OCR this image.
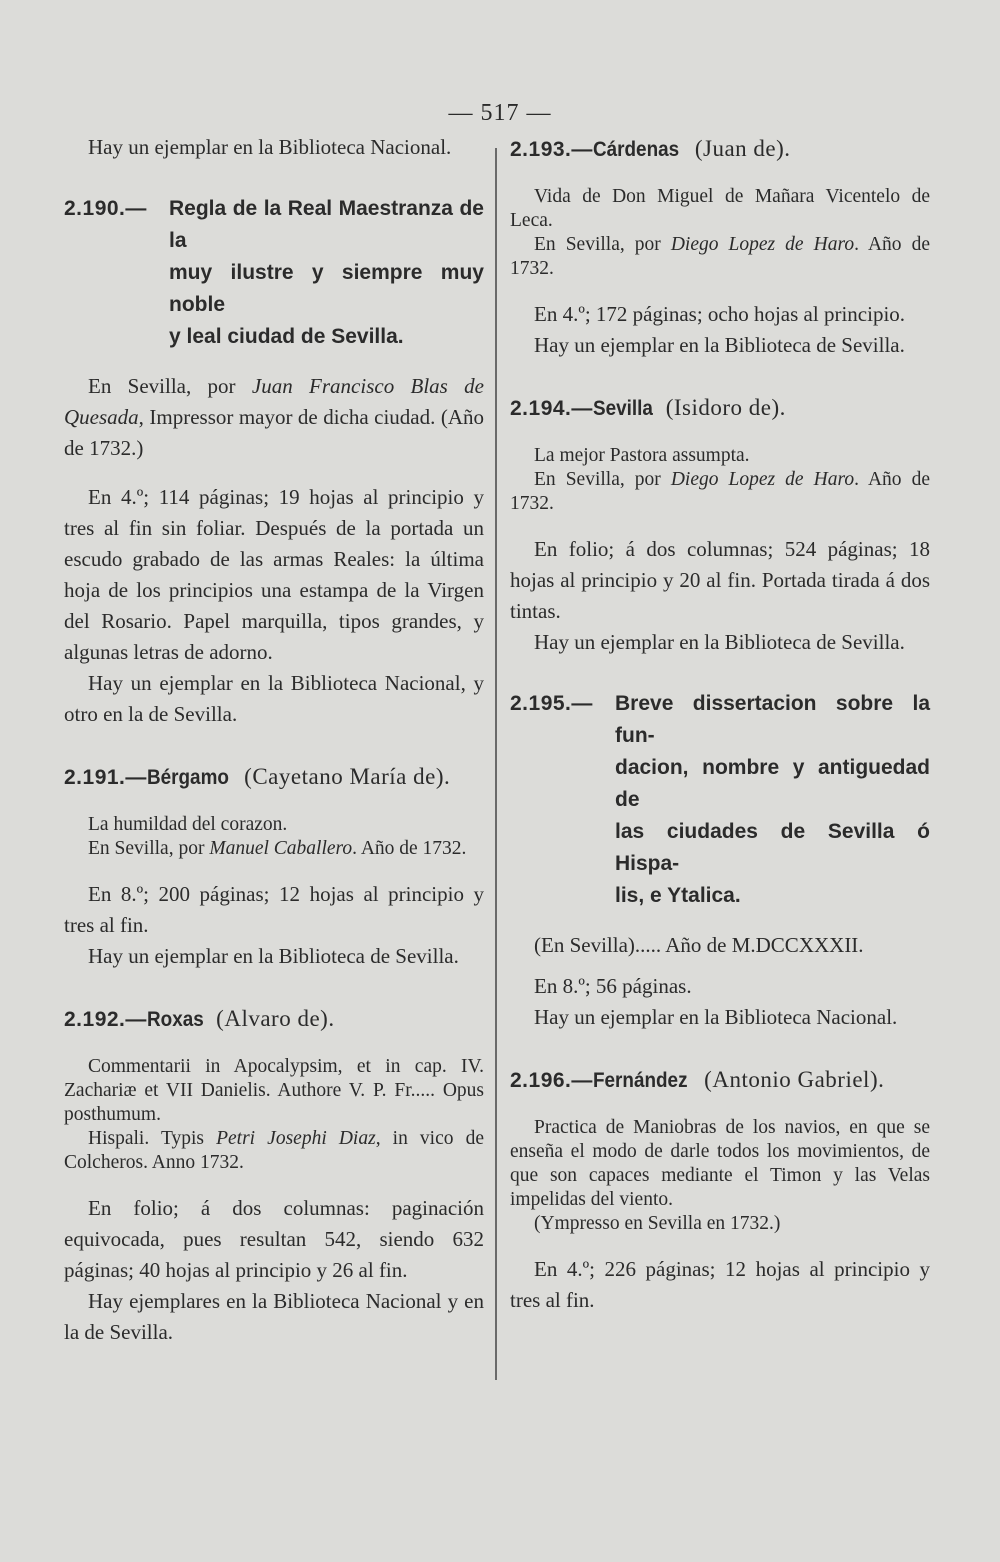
— 517 —

Hay un ejemplar en la Biblioteca Nacional.

2.190.—	Regla de la Real Maestranza de la
muy ilustre y siempre muy noble
y leal ciudad de Sevilla.

En Sevilla, por Juan Francisco Blas de Quesada, Impressor mayor de dicha ciudad. (Año de 1732.)

En 4.º; 114 páginas; 19 hojas al principio y tres al fin sin foliar. Después de la portada un escudo grabado de las armas Reales: la última hoja de los principios una estampa de la Virgen del Rosario. Papel marquilla, tipos grandes, y algunas letras de adorno.

Hay un ejemplar en la Biblioteca Nacional, y otro en la de Sevilla.

2.191.—Bérgamo (Cayetano María de).

La humildad del corazon.

En Sevilla, por Manuel Caballero. Año de 1732.

En 8.º; 200 páginas; 12 hojas al principio y tres al fin.

Hay un ejemplar en la Biblioteca de Sevilla.

2.192.—Roxas (Alvaro de).

Commentarii in Apocalypsim, et in cap. IV. Zachariæ et VII Danielis. Authore V. P. Fr..... Opus posthumum.

Hispali. Typis Petri Josephi Diaz, in vico de Colcheros. Anno 1732.

En folio; á dos columnas: paginación equivocada, pues resultan 542, siendo 632 páginas; 40 hojas al principio y 26 al fin.

Hay ejemplares en la Biblioteca Nacional y en la de Sevilla.

2.193.—Cárdenas (Juan de).

Vida de Don Miguel de Mañara Vicentelo de Leca.

En Sevilla, por Diego Lopez de Haro. Año de 1732.

En 4.º; 172 páginas; ocho hojas al principio.

Hay un ejemplar en la Biblioteca de Sevilla.

2.194.—Sevilla (Isidoro de).

La mejor Pastora assumpta.

En Sevilla, por Diego Lopez de Haro. Año de 1732.

En folio; á dos columnas; 524 páginas; 18 hojas al principio y 20 al fin. Portada tirada á dos tintas.

Hay un ejemplar en la Biblioteca de Sevilla.

2.195.—	Breve dissertacion sobre la fun-
dacion, nombre y antiguedad de
las ciudades de Sevilla ó Hispa-
lis, e Ytalica.

(En Sevilla)..... Año de M.DCCXXXII.

En 8.º; 56 páginas.

Hay un ejemplar en la Biblioteca Nacional.

2.196.—Fernández (Antonio Gabriel).

Practica de Maniobras de los navios, en que se enseña el modo de darle todos los movimientos, de que son capaces mediante el Timon y las Velas impelidas del viento.

(Ympresso en Sevilla en 1732.)

En 4.º; 226 páginas; 12 hojas al principio y tres al fin.
